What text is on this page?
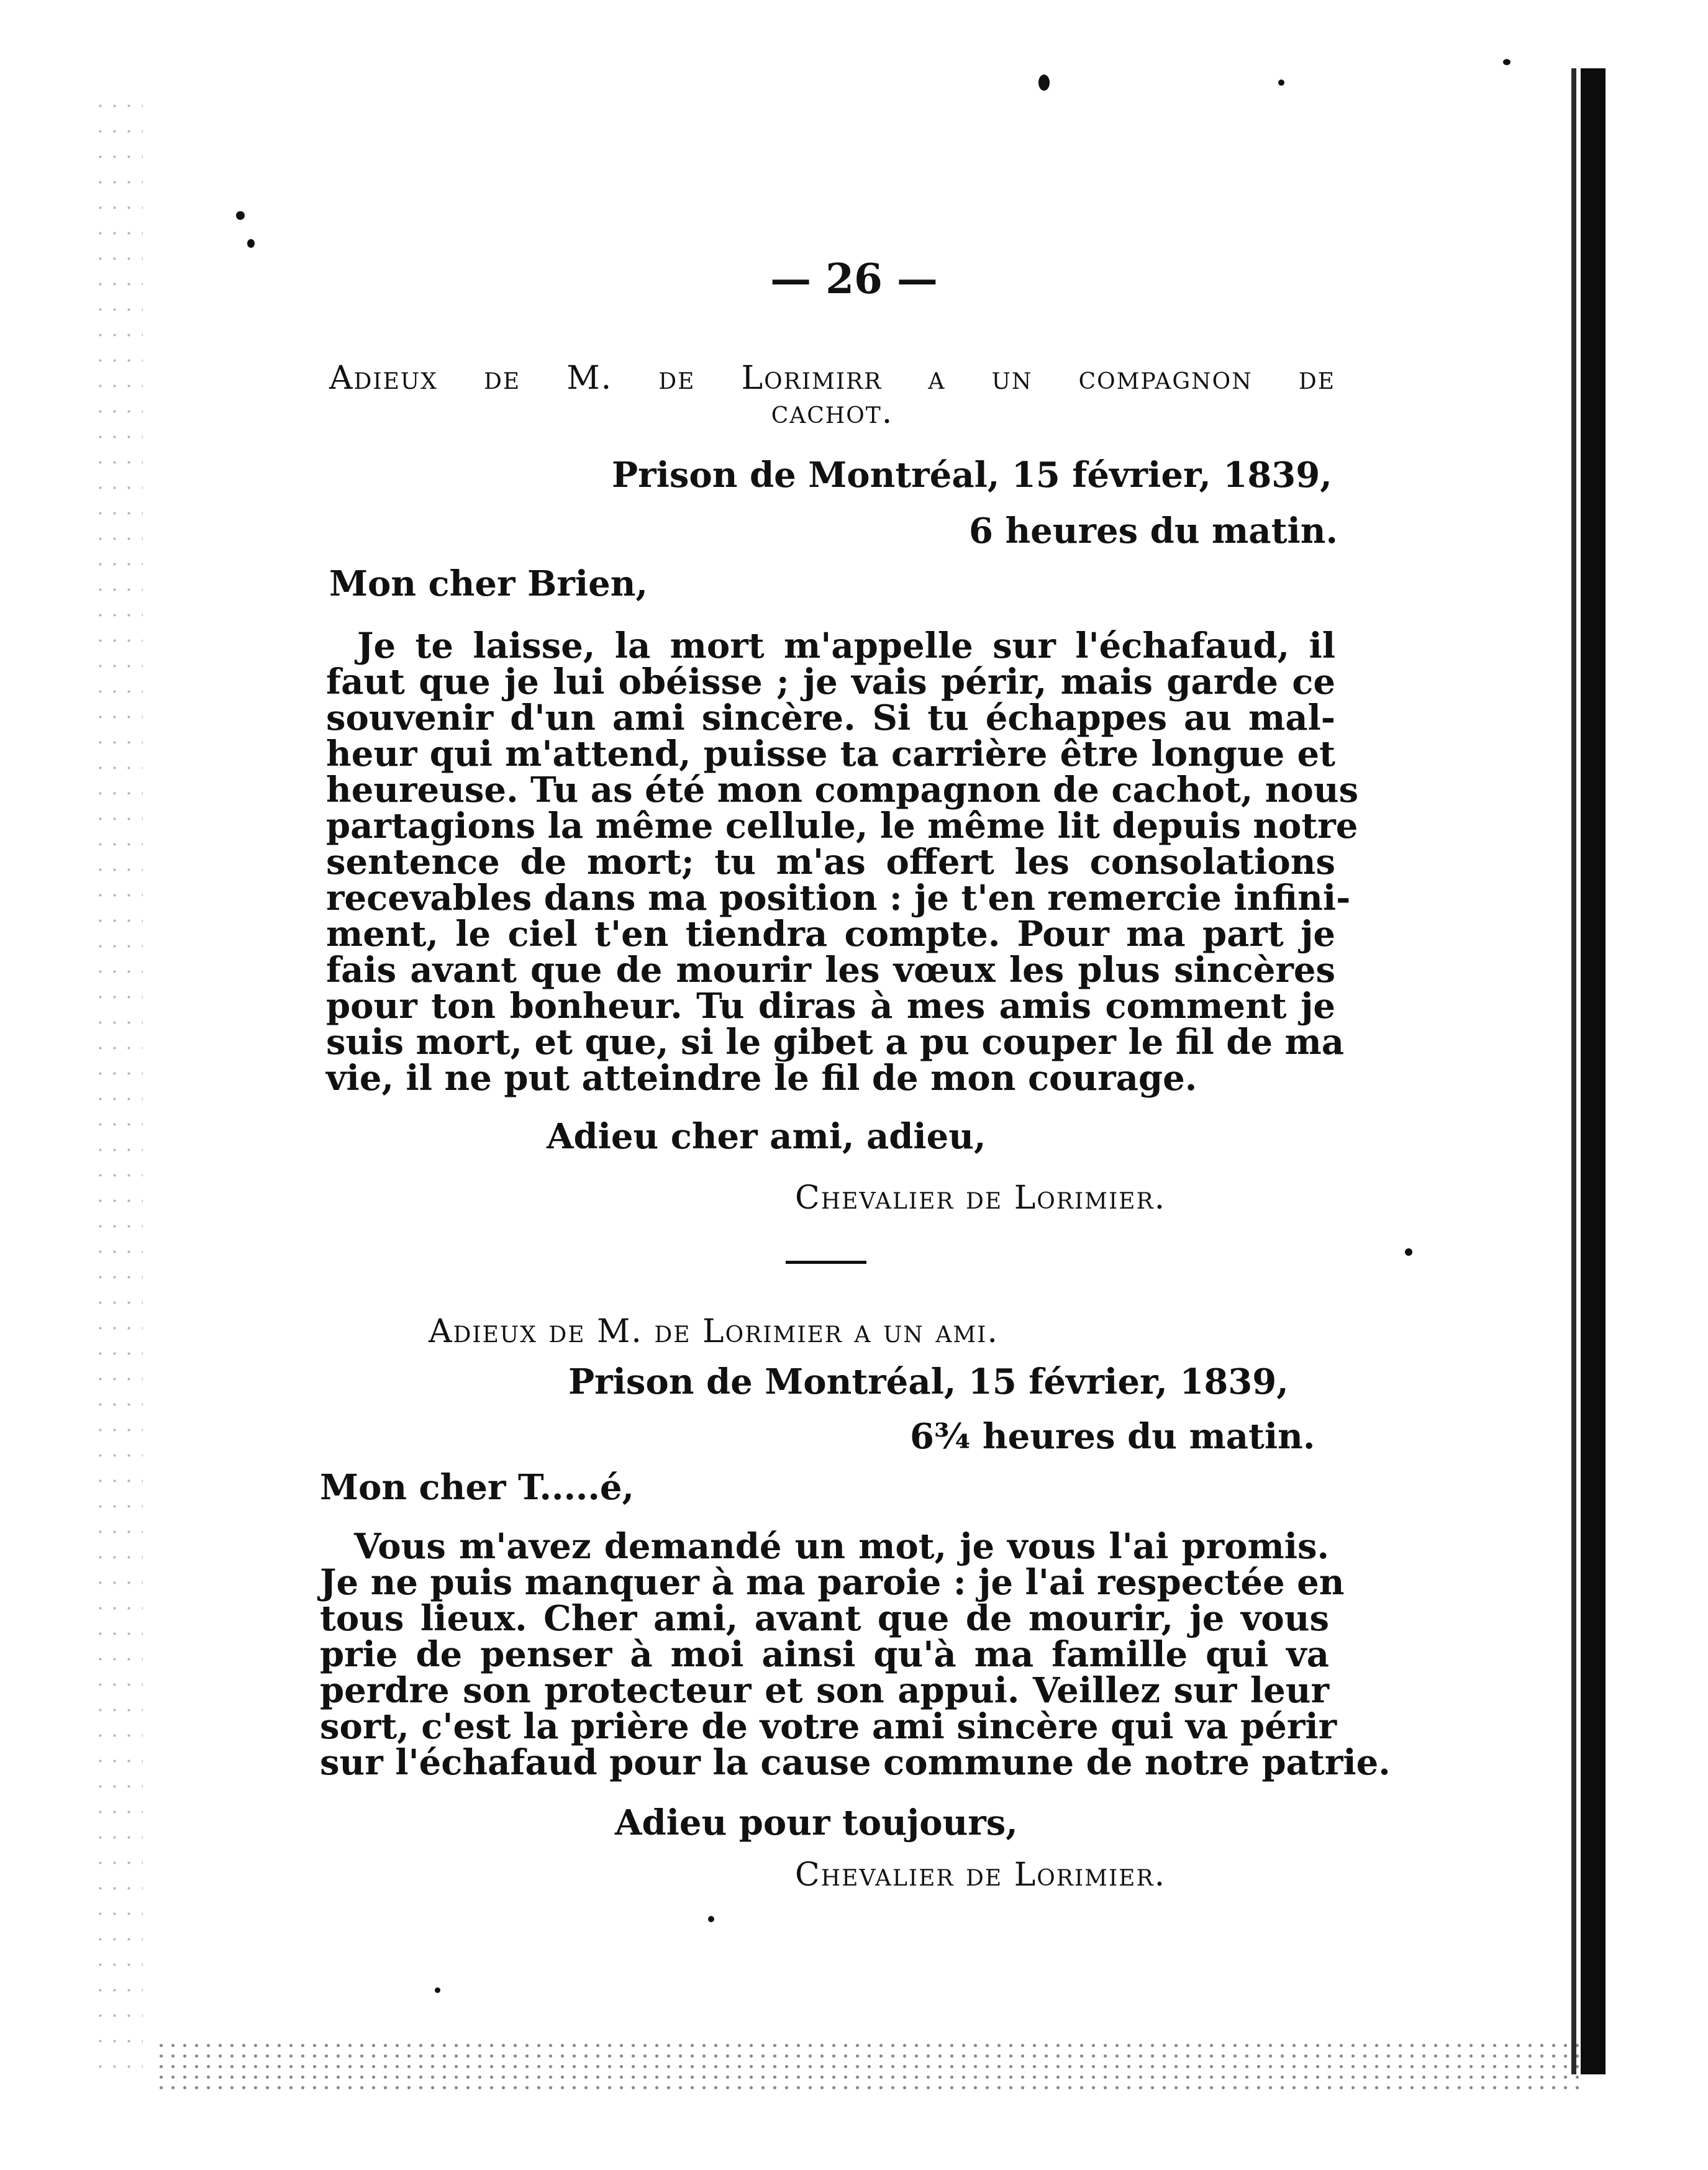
— 26 —
Adieux de M. de Lorimirr a un compagnon de
cachot.
Prison de Montréal, 15 février, 1839,
6 heures du matin.
Mon cher Brien,
Je te laisse, la mort m'appelle sur l'échafaud, il
faut que je lui obéisse ; je vais périr, mais garde ce
souvenir d'un ami sincère. Si tu échappes au mal-
heur qui m'attend, puisse ta carrière être longue et
heureuse. Tu as été mon compagnon de cachot, nous
partagions la même cellule, le même lit depuis notre
sentence de mort; tu m'as offert les consolations
recevables dans ma position : je t'en remercie infini-
ment, le ciel t'en tiendra compte. Pour ma part je
fais avant que de mourir les vœux les plus sincères
pour ton bonheur. Tu diras à mes amis comment je
suis mort, et que, si le gibet a pu couper le fil de ma
vie, il ne put atteindre le fil de mon courage.
Adieu cher ami, adieu,
Chevalier de Lorimier.
Adieux de M. de Lorimier a un ami.
Prison de Montréal, 15 février, 1839,
6¾ heures du matin.
Mon cher T.....é,
Vous m'avez demandé un mot, je vous l'ai promis.
Je ne puis manquer à ma paroie : je l'ai respectée en
tous lieux. Cher ami, avant que de mourir, je vous
prie de penser à moi ainsi qu'à ma famille qui va
perdre son protecteur et son appui. Veillez sur leur
sort, c'est la prière de votre ami sincère qui va périr
sur l'échafaud pour la cause commune de notre patrie.
Adieu pour toujours,
Chevalier de Lorimier.
